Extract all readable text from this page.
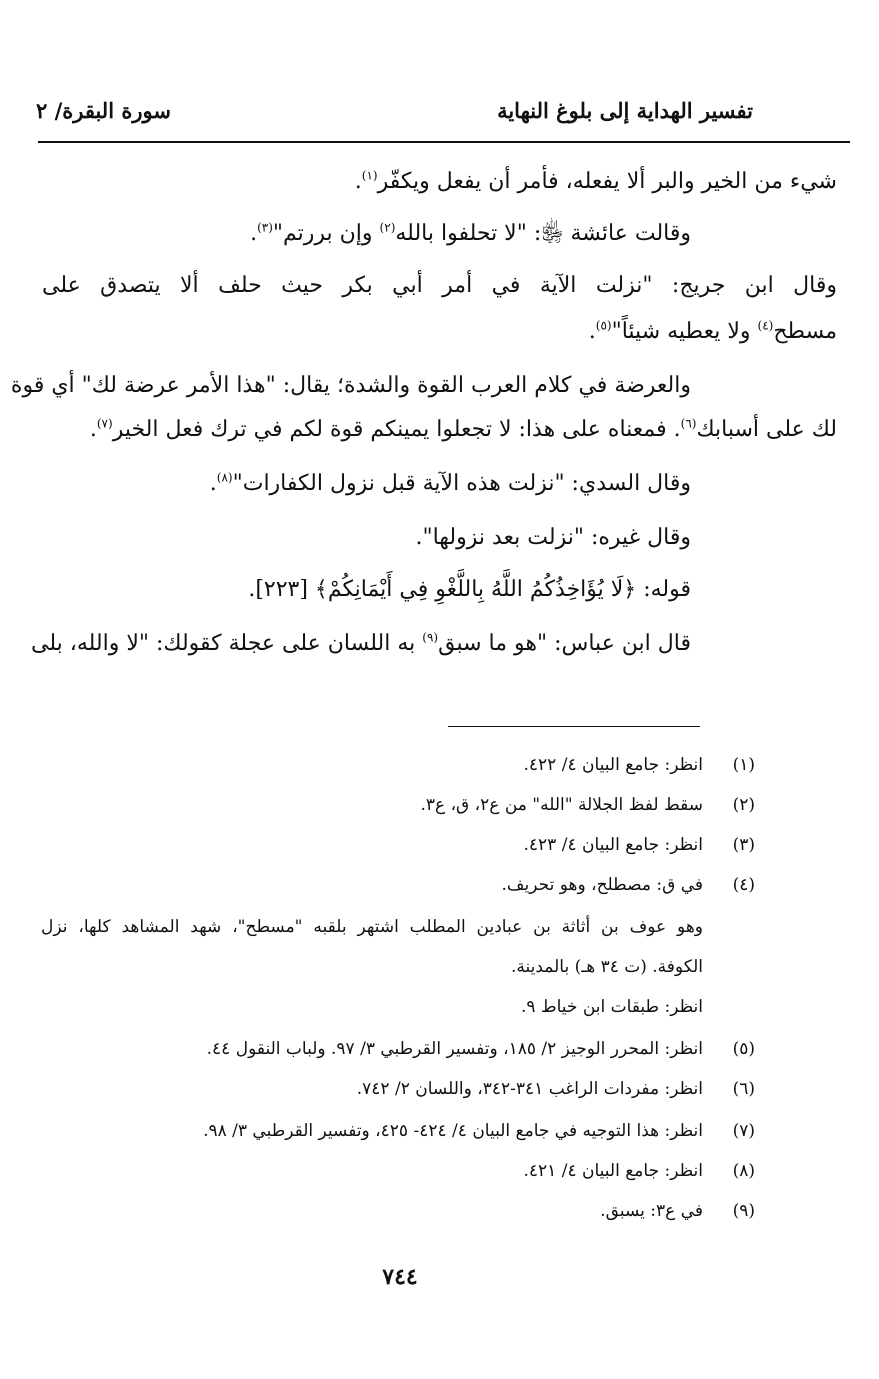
تفسير الهداية إلى بلوغ النهاية
سورة البقرة/ ٢
شيء من الخير والبر ألا يفعله، فأمر أن يفعل ويكفّر$^{(١)}$.
وقالت عائشة ﵂: "لا تحلفوا بالله$^{(٢)}$ وإن بررتم"$^{(٣)}$.
وقال ابن جريج: "نزلت الآية في أمر أبي بكر حيث حلف ألا يتصدق على
مسطح$^{(٤)}$ ولا يعطيه شيئاً"$^{(٥)}$.
والعرضة في كلام العرب القوة والشدة؛ يقال: "هذا الأمر عرضة لك" أي قوة
لك على أسبابك$^{(٦)}$. فمعناه على هذا: لا تجعلوا يمينكم قوة لكم في ترك فعل الخير$^{(٧)}$.
وقال السدي: "نزلت هذه الآية قبل نزول الكفارات"$^{(٨)}$.
وقال غيره: "نزلت بعد نزولها".
قوله: ﴿لَا يُؤَاخِذُكُمُ اللَّهُ بِاللَّغْوِ فِي أَيْمَانِكُمْ﴾ [٢٢٣].
قال ابن عباس: "هو ما سبق$^{(٩)}$ به اللسان على عجلة كقولك: "لا والله، بلى
(١)
انظر: جامع البيان ٤/ ٤٢٢.
(٢)
سقط لفظ الجلالة "الله" من ع٢، ق، ع٣.
(٣)
انظر: جامع البيان ٤/ ٤٢٣.
(٤)
في ق: مصطلح، وهو تحريف.
وهو عوف بن أثاثة بن عبادين المطلب اشتهر بلقبه "مسطح"، شهد المشاهد كلها، نزل
الكوفة. (ت ٣٤ هـ) بالمدينة.
انظر: طبقات ابن خياط ٩.
(٥)
انظر: المحرر الوجيز ٢/ ١٨٥، وتفسير القرطبي ٣/ ٩٧. ولباب النقول ٤٤.
(٦)
انظر: مفردات الراغب ٣٤١-٣٤٢، واللسان ٢/ ٧٤٢.
(٧)
انظر: هذا التوجيه في جامع البيان ٤/ ٤٢٤- ٤٢٥، وتفسير القرطبي ٣/ ٩٨.
(٨)
انظر: جامع البيان ٤/ ٤٢١.
(٩)
في ع٣: يسبق.
٧٤٤
